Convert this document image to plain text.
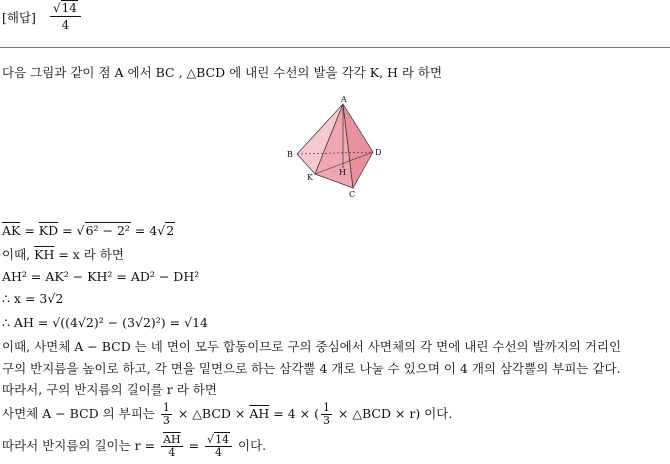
[해답] $\frac{√14}{4}$
다음 그림과 같이 점 A 에서 BC , △BCD 에 내린 수선의 발을 각각 K, H 라 하면
A
B	D
K
H
C
$\overline{AK} = \overline{KD} = √6^2 - 2^2 = 4√2$
이때, $\overline{KH} = x$ 라 하면
AH² = AK² − KH² = AD² − DH²
∴ x = 3√2
∴ AH = √((4√2)² − (3√2)²) = √14
이때, 사면체 A − BCD 는 네 면이 모두 합동이므로 구의 중심에서 사면체의 각 면에 내린 수선의 발까지의 거리인
구의 반지름을 높이로 하고, 각 면을 밑면으로 하는 삼각뿔 4 개로 나눌 수 있으며 이 4 개의 삼각뿔의 부피는 같다.
따라서, 구의 반지름의 길이를 r 라 하면
사면체 A − BCD 의 부피는 $\frac{1}{3}$ × △BCD × $\overline{AH} = 4$ × ( $\frac{1}{3}$ × △BCD × r) 이다.
따라서 반지름의 길이는 $r = \frac{\overline{AH}}{4} = \frac{√14}{4}$ 이다.
